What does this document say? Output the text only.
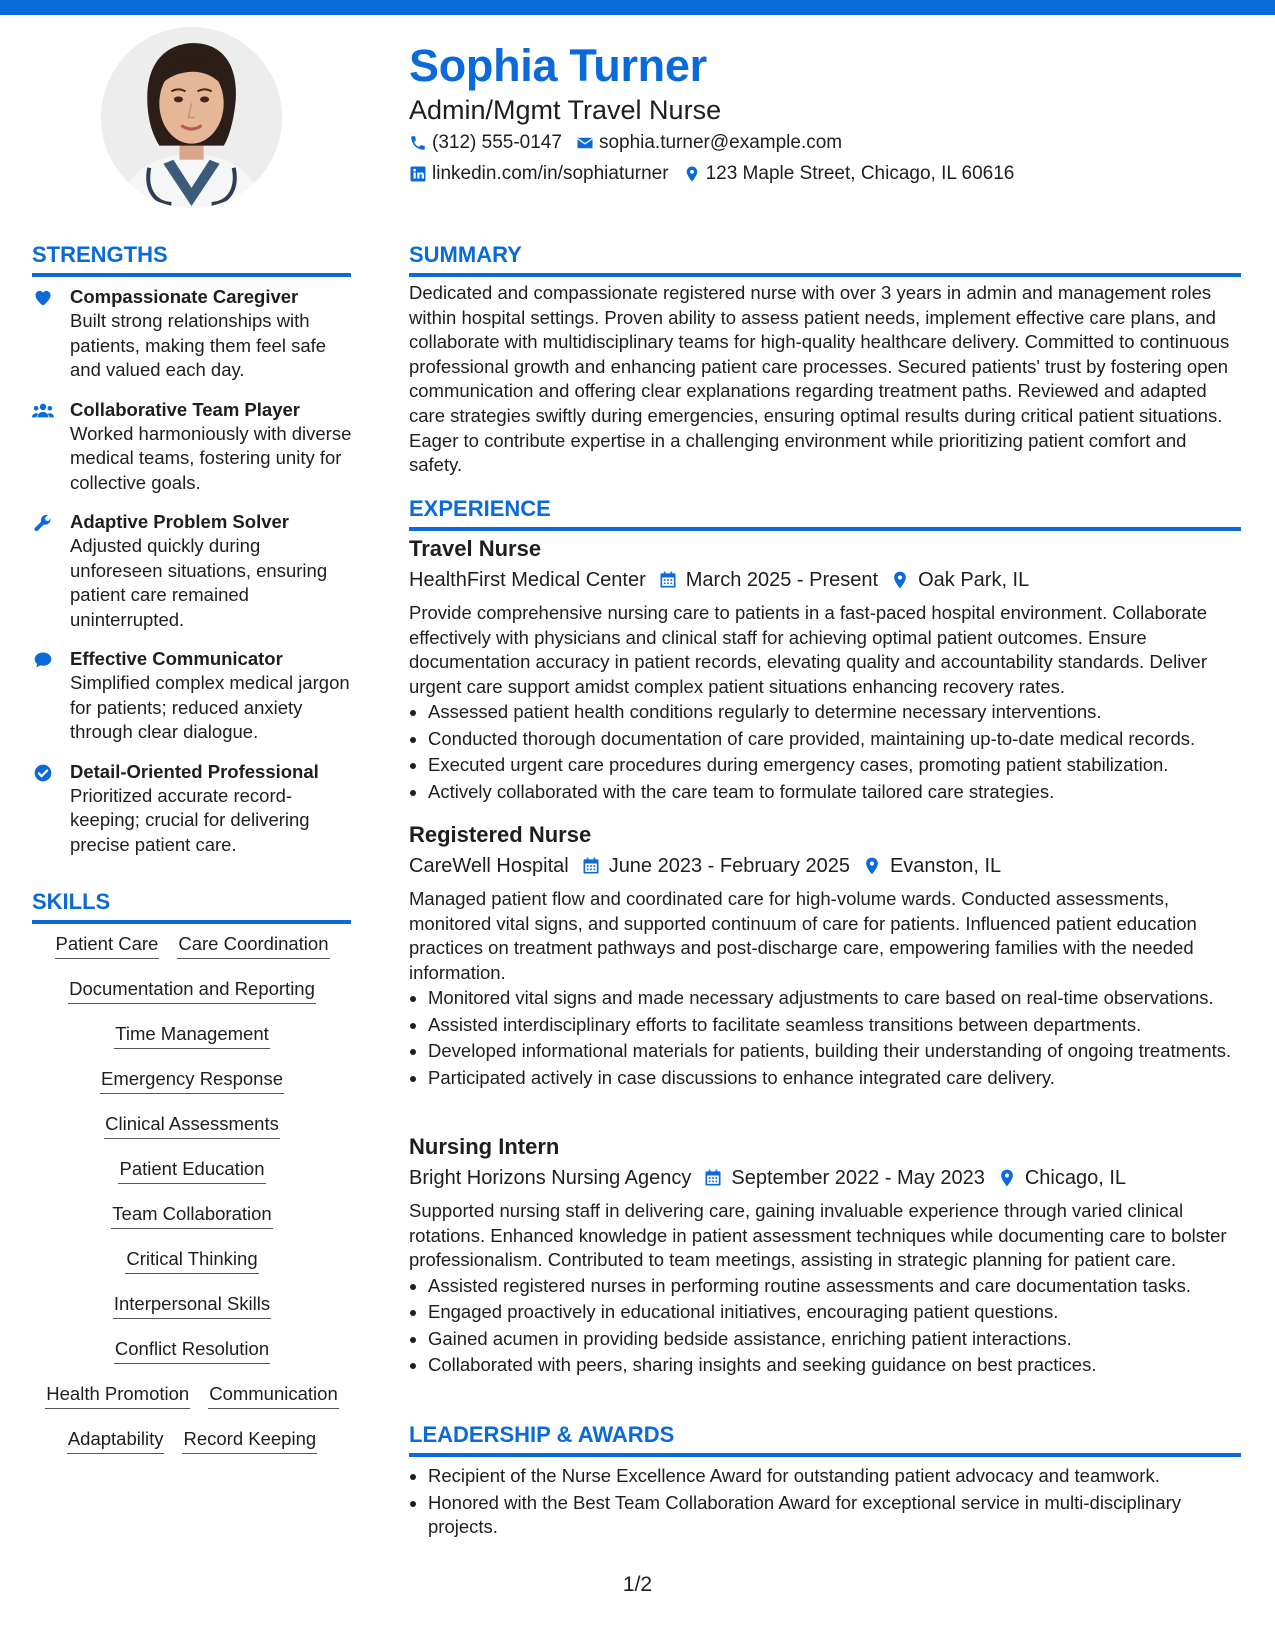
Sophia Turner
Admin/Mgmt Travel Nurse
(312) 555-0147 sophia.turner@example.com
linkedin.com/in/sophiaturner 123 Maple Street, Chicago, IL 60616
STRENGTHS
Compassionate Caregiver
Built strong relationships with patients, making them feel safe and valued each day.
Collaborative Team Player
Worked harmoniously with diverse medical teams, fostering unity for collective goals.
Adaptive Problem Solver
Adjusted quickly during unforeseen situations, ensuring patient care remained uninterrupted.
Effective Communicator
Simplified complex medical jargon for patients; reduced anxiety through clear dialogue.
Detail-Oriented Professional
Prioritized accurate record-keeping; crucial for delivering precise patient care.
SKILLS
Patient Care Care Coordination
Documentation and Reporting
Time Management
Emergency Response
Clinical Assessments
Patient Education
Team Collaboration
Critical Thinking
Interpersonal Skills
Conflict Resolution
Health Promotion Communication
Adaptability Record Keeping
SUMMARY
Dedicated and compassionate registered nurse with over 3 years in admin and management roles within hospital settings. Proven ability to assess patient needs, implement effective care plans, and collaborate with multidisciplinary teams for high-quality healthcare delivery. Committed to continuous professional growth and enhancing patient care processes. Secured patients' trust by fostering open communication and offering clear explanations regarding treatment paths. Reviewed and adapted care strategies swiftly during emergencies, ensuring optimal results during critical patient situations. Eager to contribute expertise in a challenging environment while prioritizing patient comfort and safety.
EXPERIENCE
Travel Nurse
HealthFirst Medical Center March 2025 - Present Oak Park, IL
Provide comprehensive nursing care to patients in a fast-paced hospital environment. Collaborate effectively with physicians and clinical staff for achieving optimal patient outcomes. Ensure documentation accuracy in patient records, elevating quality and accountability standards. Deliver urgent care support amidst complex patient situations enhancing recovery rates.
• Assessed patient health conditions regularly to determine necessary interventions.
• Conducted thorough documentation of care provided, maintaining up-to-date medical records.
• Executed urgent care procedures during emergency cases, promoting patient stabilization.
• Actively collaborated with the care team to formulate tailored care strategies.
Registered Nurse
CareWell Hospital June 2023 - February 2025 Evanston, IL
Managed patient flow and coordinated care for high-volume wards. Conducted assessments, monitored vital signs, and supported continuum of care for patients. Influenced patient education practices on treatment pathways and post-discharge care, empowering families with the needed information.
• Monitored vital signs and made necessary adjustments to care based on real-time observations.
• Assisted interdisciplinary efforts to facilitate seamless transitions between departments.
• Developed informational materials for patients, building their understanding of ongoing treatments.
• Participated actively in case discussions to enhance integrated care delivery.
Nursing Intern
Bright Horizons Nursing Agency September 2022 - May 2023 Chicago, IL
Supported nursing staff in delivering care, gaining invaluable experience through varied clinical rotations. Enhanced knowledge in patient assessment techniques while documenting care to bolster professionalism. Contributed to team meetings, assisting in strategic planning for patient care.
• Assisted registered nurses in performing routine assessments and care documentation tasks.
• Engaged proactively in educational initiatives, encouraging patient questions.
• Gained acumen in providing bedside assistance, enriching patient interactions.
• Collaborated with peers, sharing insights and seeking guidance on best practices.
LEADERSHIP & AWARDS
• Recipient of the Nurse Excellence Award for outstanding patient advocacy and teamwork.
• Honored with the Best Team Collaboration Award for exceptional service in multi-disciplinary projects.
1/2
